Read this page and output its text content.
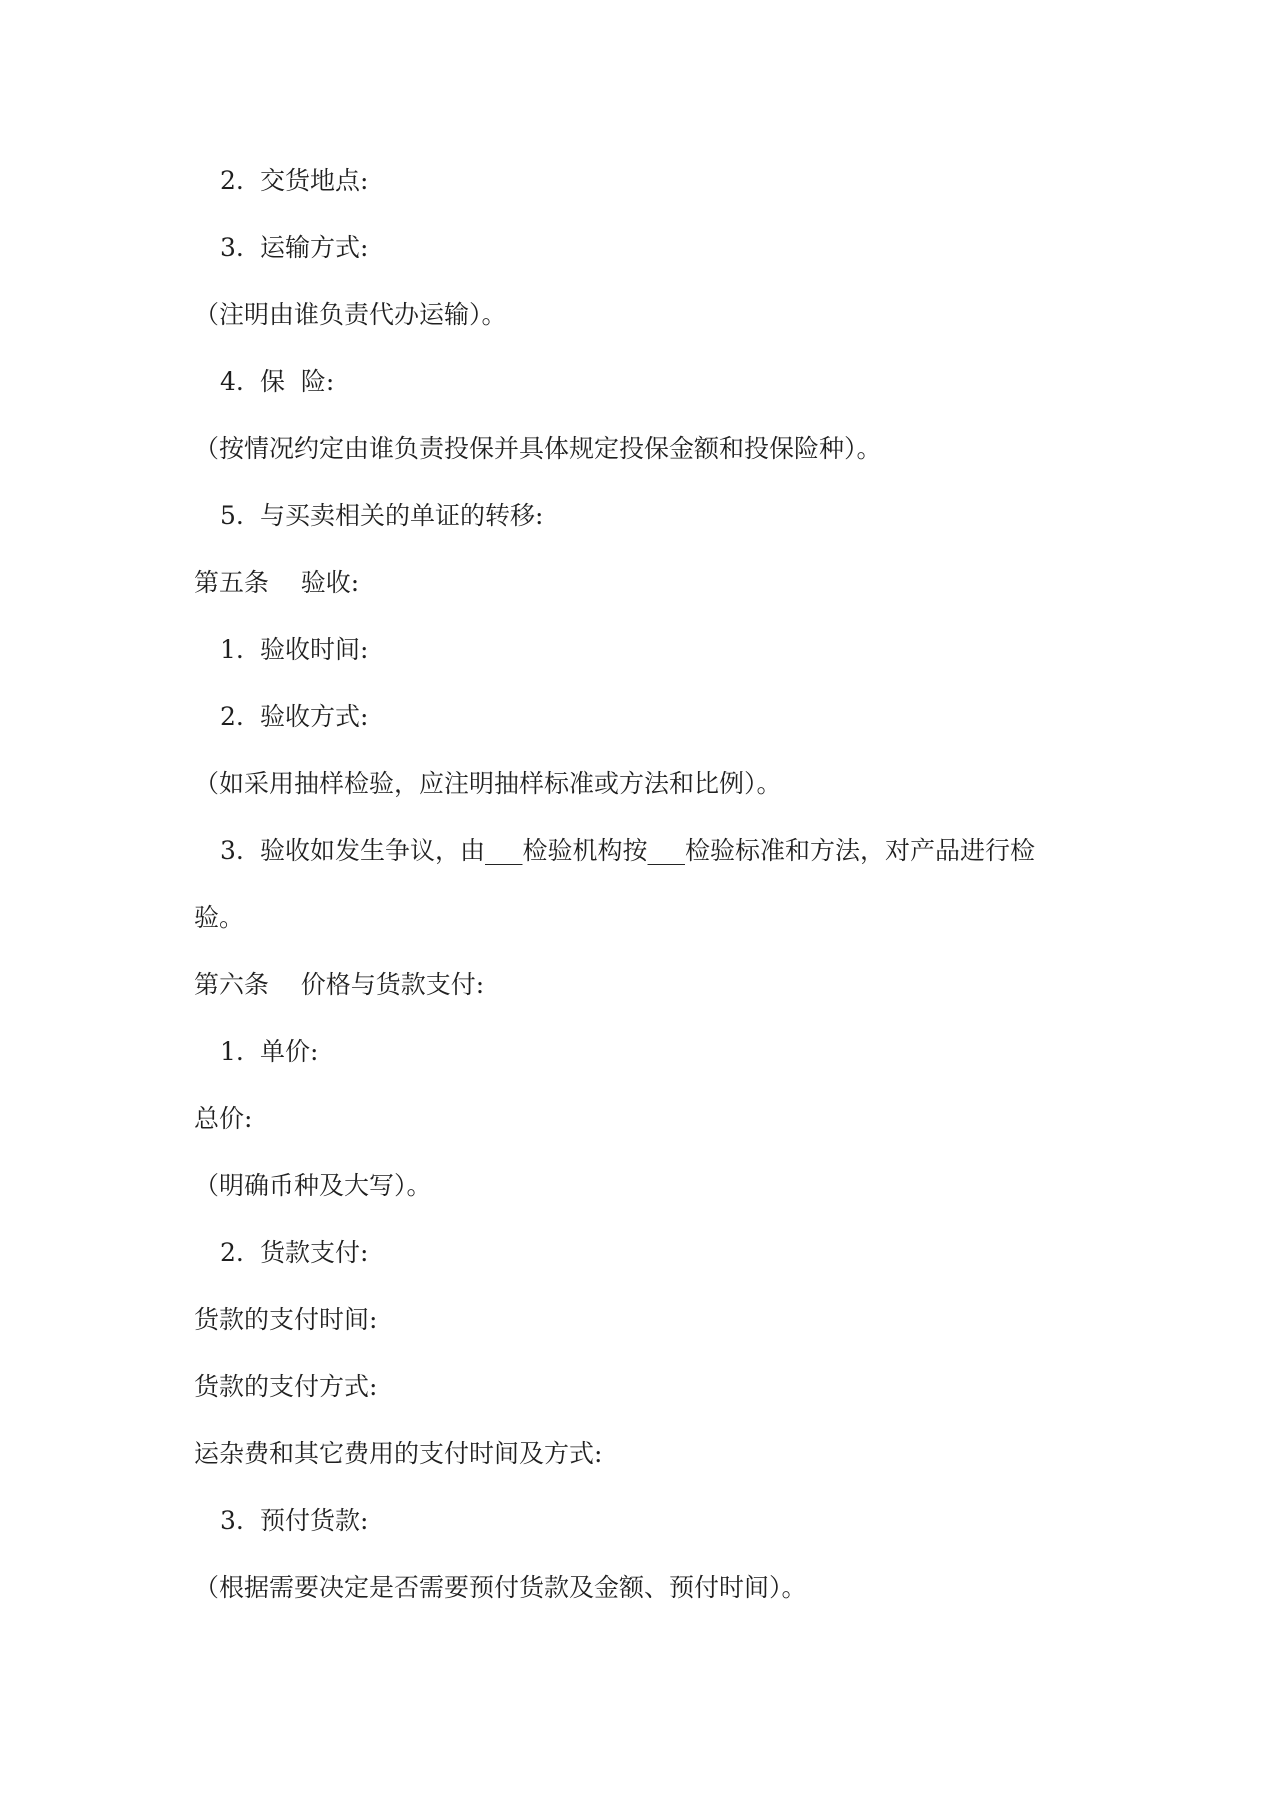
2. 交货地点:

3. 运输方式:

（注明由谁负责代办运输）。

4. 保  险:

（按情况约定由谁负责投保并具体规定投保金额和投保险种）。

5. 与买卖相关的单证的转移:

第五条    验收:

1. 验收时间:

2. 验收方式:

（如采用抽样检验，应注明抽样标准或方法和比例）。

3. 验收如发生争议，由___检验机构按___检验标准和方法，对产品进行检

验。

第六条    价格与货款支付:

1. 单价:

总价:

（明确币种及大写）。

2. 货款支付:

货款的支付时间:

货款的支付方式:

运杂费和其它费用的支付时间及方式:

3. 预付货款:

（根据需要决定是否需要预付货款及金额、预付时间）。
